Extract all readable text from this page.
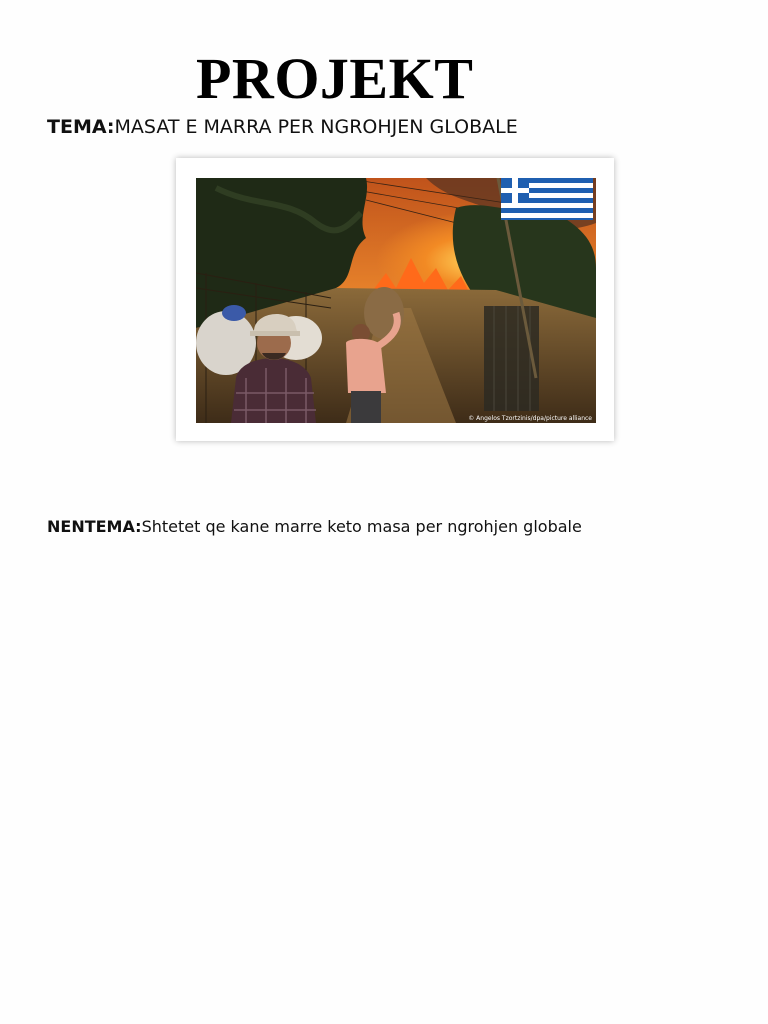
PROJEKT
TEMA:MASAT E MARRA PER NGROHJEN GLOBALE
© Angelos Tzortzinis/dpa/picture alliance
NENTEMA:Shtetet qe kane marre keto masa per ngrohjen globale
